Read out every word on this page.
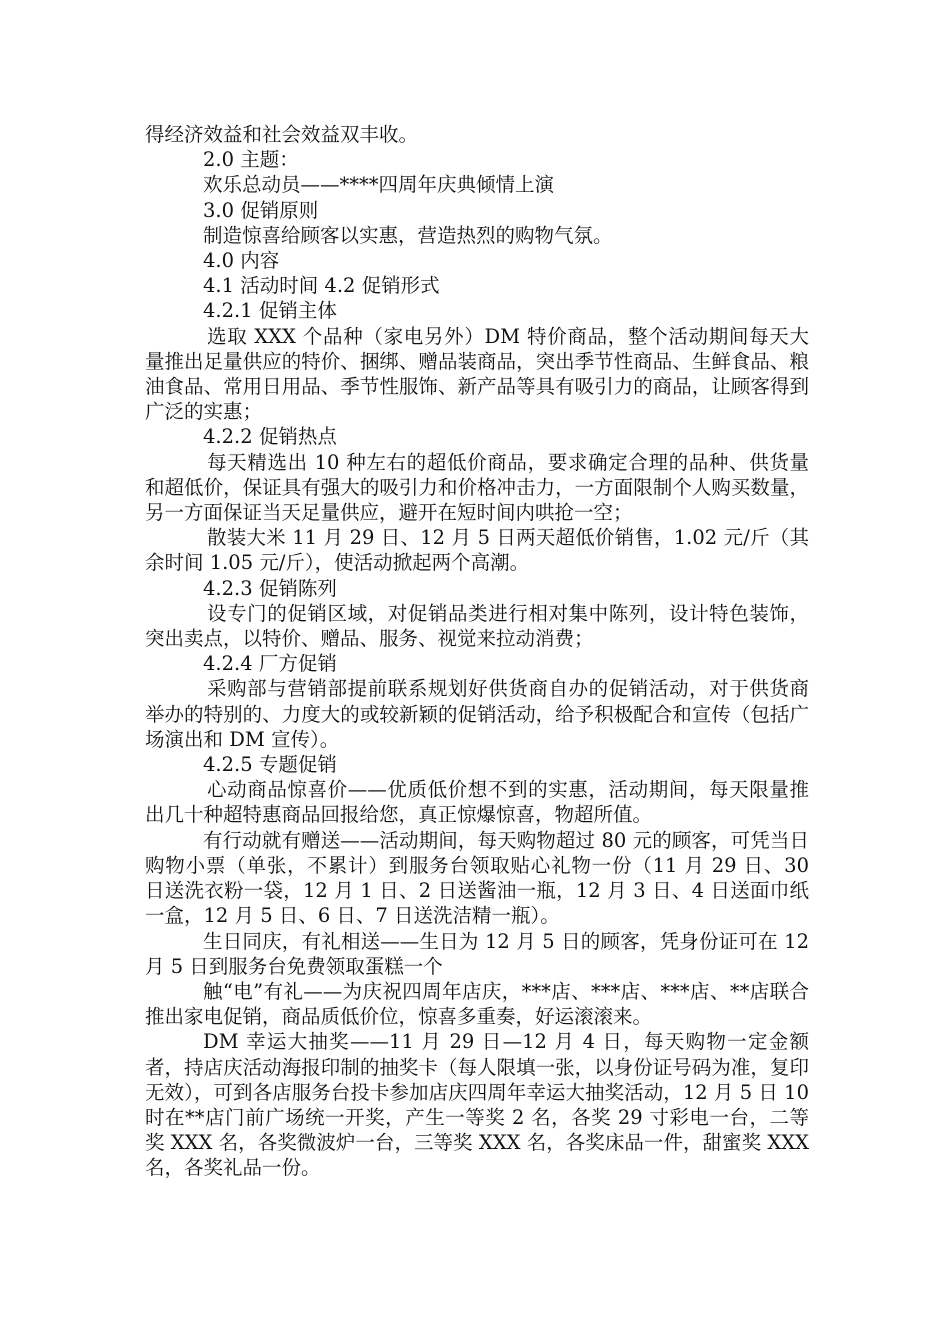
得经济效益和社会效益双丰收。

2.0 主题：

欢乐总动员——****四周年庆典倾情上演

3.0 促销原则

制造惊喜给顾客以实惠，营造热烈的购物气氛。

4.0 内容

4.1 活动时间 4.2 促销形式

4.2.1 促销主体

选取 XXX 个品种（家电另外）DM 特价商品，整个活动期间每天大量推出足量供应的特价、捆绑、赠品装商品，突出季节性商品、生鲜食品、粮油食品、常用日用品、季节性服饰、新产品等具有吸引力的商品，让顾客得到广泛的实惠；

4.2.2 促销热点

每天精选出 10 种左右的超低价商品，要求确定合理的品种、供货量和超低价，保证具有强大的吸引力和价格冲击力，一方面限制个人购买数量，另一方面保证当天足量供应，避开在短时间内哄抢一空；

散装大米 11 月 29 日、12 月 5 日两天超低价销售，1.02 元/斤（其余时间 1.05 元/斤），使活动掀起两个高潮。

4.2.3 促销陈列

设专门的促销区域，对促销品类进行相对集中陈列，设计特色装饰，突出卖点，以特价、赠品、服务、视觉来拉动消费；

4.2.4 厂方促销

采购部与营销部提前联系规划好供货商自办的促销活动，对于供货商举办的特别的、力度大的或较新颖的促销活动，给予积极配合和宣传（包括广场演出和 DM 宣传）。

4.2.5 专题促销

心动商品惊喜价——优质低价想不到的实惠，活动期间，每天限量推出几十种超特惠商品回报给您，真正惊爆惊喜，物超所值。

有行动就有赠送——活动期间，每天购物超过 80 元的顾客，可凭当日购物小票（单张，不累计）到服务台领取贴心礼物一份（11 月 29 日、30 日送洗衣粉一袋，12 月 1 日、2 日送酱油一瓶，12 月 3 日、4 日送面巾纸一盒，12 月 5 日、6 日、7 日送洗洁精一瓶）。

生日同庆，有礼相送——生日为 12 月 5 日的顾客，凭身份证可在 12 月 5 日到服务台免费领取蛋糕一个

触“电”有礼——为庆祝四周年店庆，***店、***店、***店、**店联合推出家电促销，商品质低价位，惊喜多重奏，好运滚滚来。

DM 幸运大抽奖——11 月 29 日—12 月 4 日，每天购物一定金额者，持店庆活动海报印制的抽奖卡（每人限填一张，以身份证号码为准，复印无效），可到各店服务台投卡参加店庆四周年幸运大抽奖活动，12 月 5 日 10 时在**店门前广场统一开奖，产生一等奖 2 名，各奖 29 寸彩电一台，二等奖 XXX 名，各奖微波炉一台，三等奖 XXX 名，各奖床品一件，甜蜜奖 XXX 名，各奖礼品一份。
